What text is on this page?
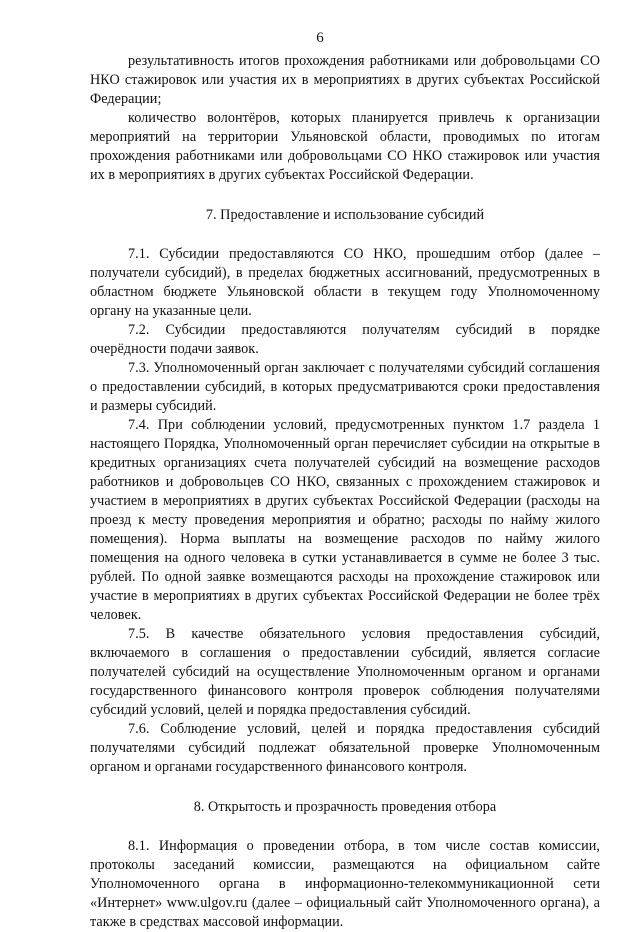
6

результативность итогов прохождения работниками или добровольцами СО НКО стажировок или участия их в мероприятиях в других субъектах Российской Федерации;

количество волонтёров, которых планируется привлечь к организации мероприятий на территории Ульяновской области, проводимых по итогам прохождения работниками или добровольцами СО НКО стажировок или участия их в мероприятиях в других субъектах Российской Федерации.

7. Предоставление и использование субсидий

7.1. Субсидии предоставляются СО НКО, прошедшим отбор (далее – получатели субсидий), в пределах бюджетных ассигнований, предусмотренных в областном бюджете Ульяновской области в текущем году Уполномоченному органу на указанные цели.

7.2. Субсидии предоставляются получателям субсидий в порядке очерёдности подачи заявок.

7.3. Уполномоченный орган заключает с получателями субсидий соглашения о предоставлении субсидий, в которых предусматриваются сроки предоставления и размеры субсидий.

7.4. При соблюдении условий, предусмотренных пунктом 1.7 раздела 1 настоящего Порядка, Уполномоченный орган перечисляет субсидии на открытые в кредитных организациях счета получателей субсидий на возмещение расходов работников и добровольцев СО НКО, связанных с прохождением стажировок и участием в мероприятиях в других субъектах Российской Федерации (расходы на проезд к месту проведения мероприятия и обратно; расходы по найму жилого помещения). Норма выплаты на возмещение расходов по найму жилого помещения на одного человека в сутки устанавливается в сумме не более 3 тыс. рублей. По одной заявке возмещаются расходы на прохождение стажировок или участие в мероприятиях в других субъектах Российской Федерации не более трёх человек.

7.5. В качестве обязательного условия предоставления субсидий, включаемого в соглашения о предоставлении субсидий, является согласие получателей субсидий на осуществление Уполномоченным органом и органами государственного финансового контроля проверок соблюдения получателями субсидий условий, целей и порядка предоставления субсидий.

7.6. Соблюдение условий, целей и порядка предоставления субсидий получателями субсидий подлежат обязательной проверке Уполномоченным органом и органами государственного финансового контроля.

8. Открытость и прозрачность проведения отбора

8.1. Информация о проведении отбора, в том числе состав комиссии, протоколы заседаний комиссии, размещаются на официальном сайте Уполномоченного органа в информационно-телекоммуникационной сети «Интернет» www.ulgov.ru (далее – официальный сайт Уполномоченного органа), а также в средствах массовой информации.
